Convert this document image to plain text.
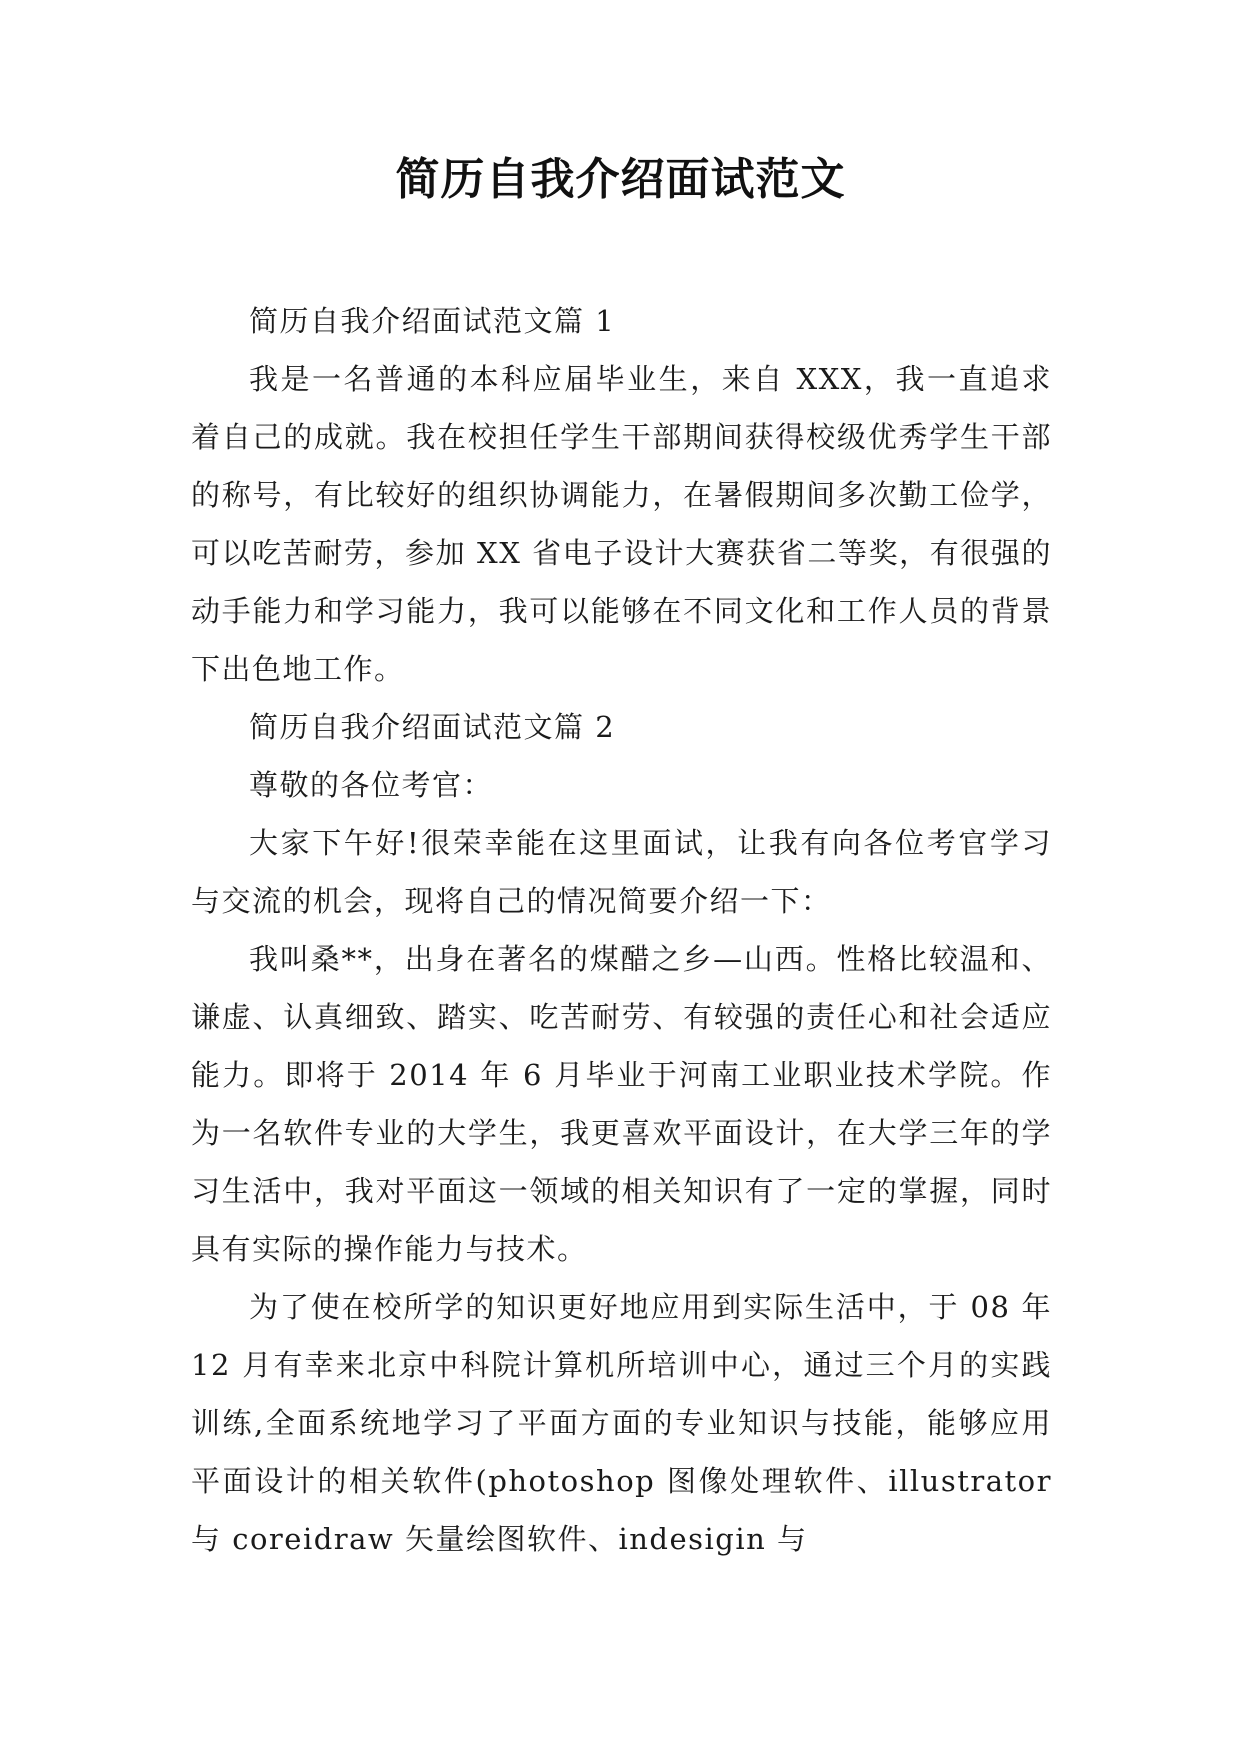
简历自我介绍面试范文

简历自我介绍面试范文篇 1

我是一名普通的本科应届毕业生，来自 XXX，我一直追求着自己的成就。我在校担任学生干部期间获得校级优秀学生干部的称号，有比较好的组织协调能力，在暑假期间多次勤工俭学，可以吃苦耐劳，参加 XX 省电子设计大赛获省二等奖，有很强的动手能力和学习能力，我可以能够在不同文化和工作人员的背景下出色地工作。

简历自我介绍面试范文篇 2

尊敬的各位考官：

大家下午好!很荣幸能在这里面试，让我有向各位考官学习与交流的机会，现将自己的情况简要介绍一下：

我叫桑**，出身在著名的煤醋之乡—山西。性格比较温和、谦虚、认真细致、踏实、吃苦耐劳、有较强的责任心和社会适应能力。即将于 2014 年 6 月毕业于河南工业职业技术学院。作为一名软件专业的大学生，我更喜欢平面设计，在大学三年的学习生活中，我对平面这一领域的相关知识有了一定的掌握，同时具有实际的操作能力与技术。

为了使在校所学的知识更好地应用到实际生活中，于 08 年 12 月有幸来北京中科院计算机所培训中心，通过三个月的实践训练,全面系统地学习了平面方面的专业知识与技能，能够应用平面设计的相关软件(photoshop 图像处理软件、illustrator 与 coreidraw 矢量绘图软件、indesigin 与
